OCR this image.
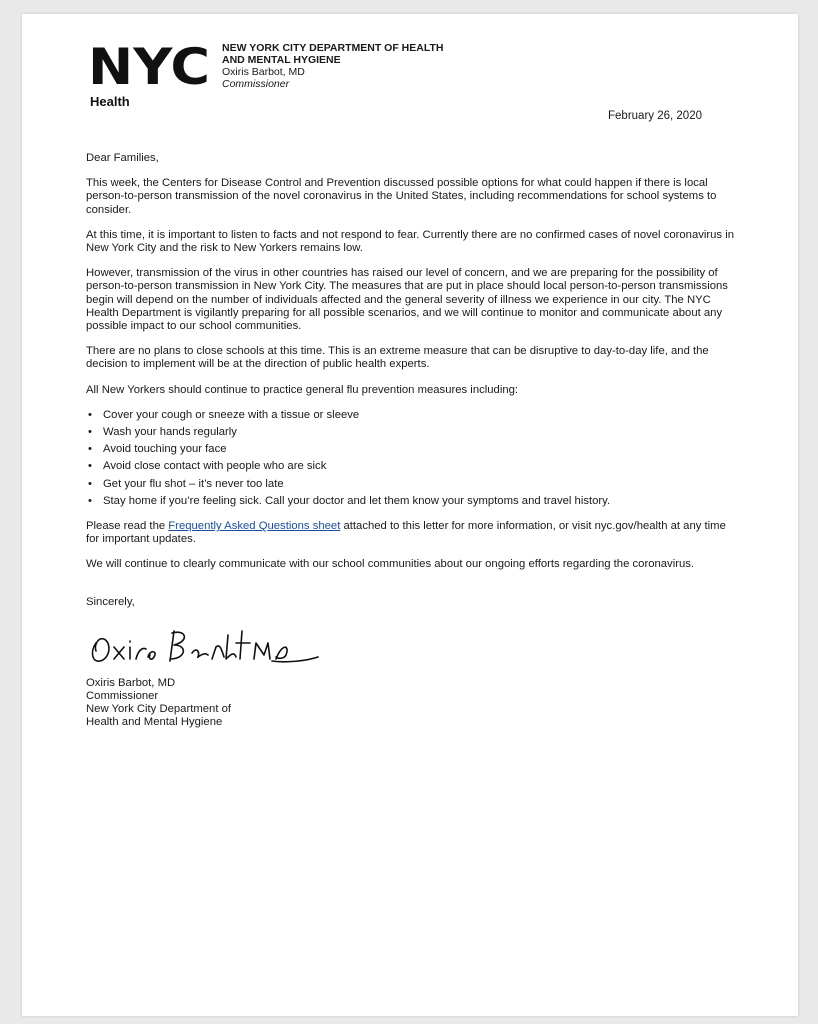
NYC
Health
NEW YORK CITY DEPARTMENT OF HEALTH AND MENTAL HYGIENE
Oxiris Barbot, MD
Commissioner
February 26, 2020

Dear Families,

This week, the Centers for Disease Control and Prevention discussed possible options for what could happen if there is local person-to-person transmission of the novel coronavirus in the United States, including recommendations for school systems to consider.

At this time, it is important to listen to facts and not respond to fear. Currently there are no confirmed cases of novel coronavirus in New York City and the risk to New Yorkers remains low.

However, transmission of the virus in other countries has raised our level of concern, and we are preparing for the possibility of person-to-person transmission in New York City. The measures that are put in place should local person-to-person transmissions begin will depend on the number of individuals affected and the general severity of illness we experience in our city. The NYC Health Department is vigilantly preparing for all possible scenarios, and we will continue to monitor and communicate about any possible impact to our school communities.

There are no plans to close schools at this time. This is an extreme measure that can be disruptive to day-to-day life, and the decision to implement will be at the direction of public health experts.

All New Yorkers should continue to practice general flu prevention measures including:

• Cover your cough or sneeze with a tissue or sleeve
• Wash your hands regularly
• Avoid touching your face
• Avoid close contact with people who are sick
• Get your flu shot – it’s never too late
• Stay home if you’re feeling sick. Call your doctor and let them know your symptoms and travel history.

Please read the Frequently Asked Questions sheet attached to this letter for more information, or visit nyc.gov/health at any time for important updates.

We will continue to clearly communicate with our school communities about our ongoing efforts regarding the coronavirus.

Sincerely,

Oxiris Barbot, MD
Commissioner
New York City Department of
Health and Mental Hygiene
